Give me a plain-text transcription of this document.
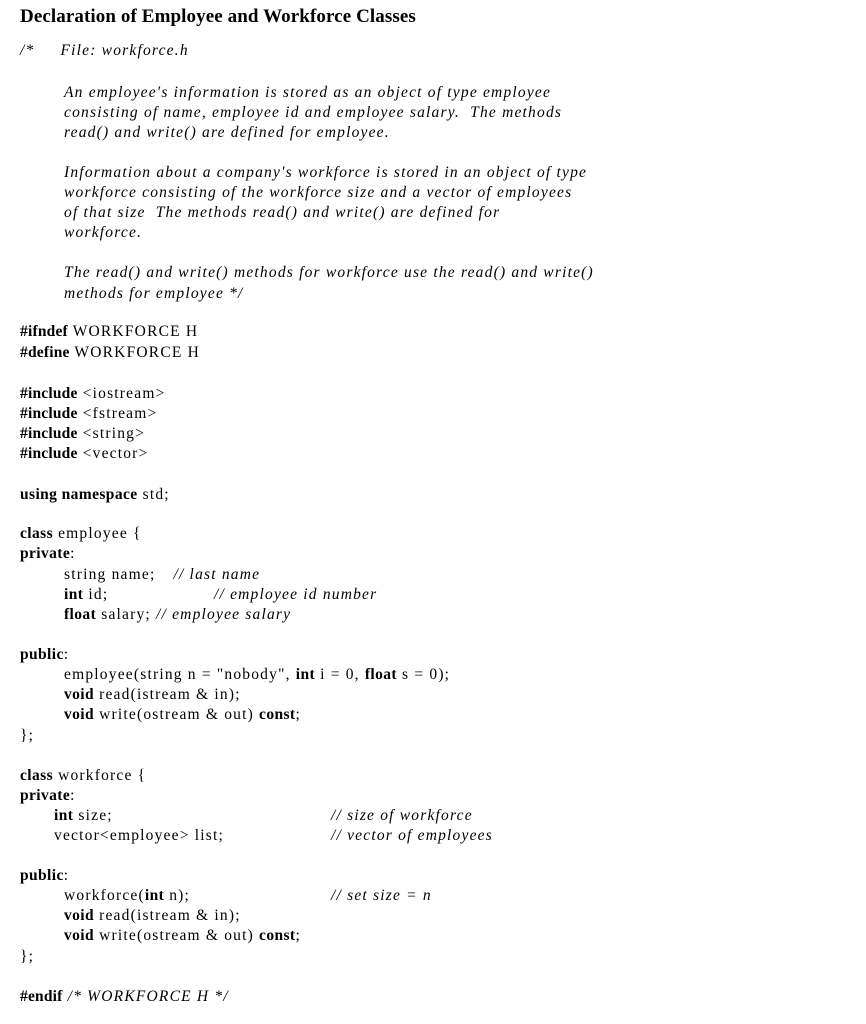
Declaration of Employee and Workforce Classes
/* File: workforce.h
An employee's information is stored as an object of type employee
consisting of name, employee id and employee salary.  The methods
read() and write() are defined for employee.
Information about a company's workforce is stored in an object of type
workforce consisting of the workforce size and a vector of employees
of that size  The methods read() and write() are defined for
workforce.
The read() and write() methods for workforce use the read() and write()
methods for employee */
#ifndef WORKFORCE H
#define WORKFORCE H
#include <iostream>
#include <fstream>
#include <string>
#include <vector>
using namespace std;
class employee {
private:
string name; // last name
int id;	// employee id number
float salary; // employee salary
public:
employee(string n = "nobody", int i = 0, float s = 0);
void read(istream & in);
void write(ostream & out) const;
};
class workforce {
private:
int size;	// size of workforce
vector<employee> list;	// vector of employees
public:
workforce(int n);	// set size = n
void read(istream & in);
void write(ostream & out) const;
};
#endif /* WORKFORCE H */
